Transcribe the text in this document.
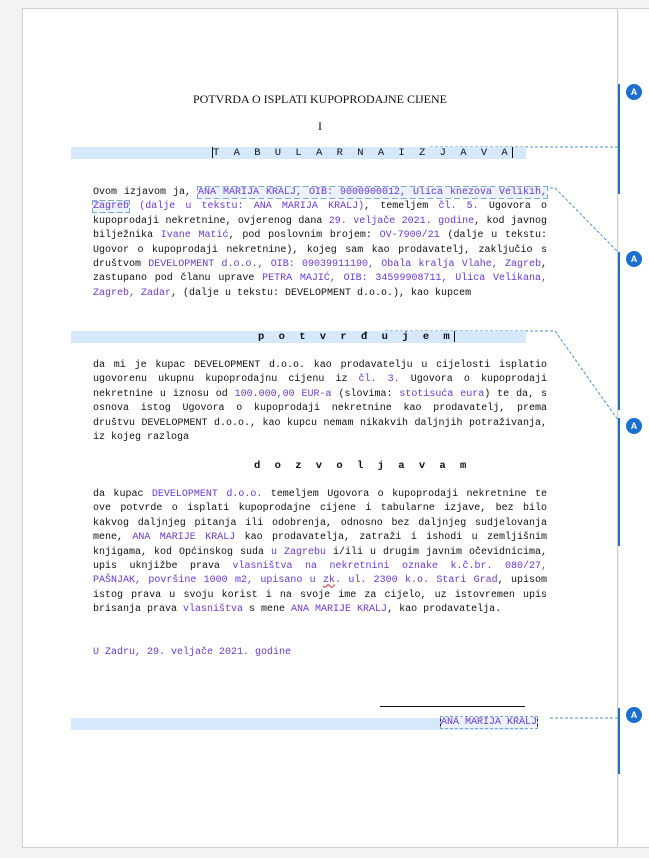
POTVRDA O ISPLATI KUPOPRODAJNE CIJENE
I
T A B U L A R N A I Z J A V A
Ovom izjavom ja, ANA MARIJA KRALJ, OIB: 9000900012, Ulica knezova Velikih, Zagreb (dalje u tekstu: ANA MARIJA KRALJ), temeljem čl. 5. Ugovora o kupoprodaji nekretnine, ovjerenog dana 29. veljače 2021. godine, kod javnog bilježnika Ivane Matić, pod poslovnim brojem: OV-7900/21 (dalje u tekstu: Ugovor o kupoprodaji nekretnine), kojeg sam kao prodavatelj, zaključio s društvom DEVELOPMENT d.o.o., OIB: 09039911190, Obala kralja Vlahe, Zagreb, zastupano pod članu uprave PETRA MAJIĆ, OIB: 34599908711, Ulica Velikana, Zagreb, Zadar, (dalje u tekstu: DEVELOPMENT d.o.o.), kao kupcem
p o t v r đ u j e m
da mi je kupac DEVELOPMENT d.o.o. kao prodavatelju u cijelosti isplatio ugovorenu ukupnu kupoprodajnu cijenu iz čl. 3. Ugovora o kupoprodaji nekretnine u iznosu od 100.000,00 EUR-a (slovima: stotisuća eura) te da, s osnova istog Ugovora o kupoprodaji nekretnine kao prodavatelj, prema društvu DEVELOPMENT d.o.o., kao kupcu nemam nikakvih daljnjih potraživanja, iz kojeg razloga
d o z v o l j a v a m
da kupac DEVELOPMENT d.o.o. temeljem Ugovora o kupoprodaji nekretnine te ove potvrde o isplati kupoprodajne cijene i tabularne izjave, bez bilo kakvog daljnjeg pitanja ili odobrenja, odnosno bez daljnjeg sudjelovanja mene, ANA MARIJE KRALJ kao prodavatelja, zatraži i ishodi u zemljišnim knjigama, kod Općinskog suda u Zagrebu i/ili u drugim javnim očevidnicima, upis uknjižbe prava vlasništva na nekretnini oznake k.č.br. 080/27, PAŠNJAK, površine 1000 m2, upisano u zk. ul. 2300 k.o. Stari Grad, upisom istog prava u svoju korist i na svoje ime za cijelo, uz istovremen upis brisanja prava vlasništva s mene ANA MARIJE KRALJ, kao prodavatelja.
U Zadru, 29. veljače 2021. godine
ANA MARIJA KRALJ
A
A
A
A
